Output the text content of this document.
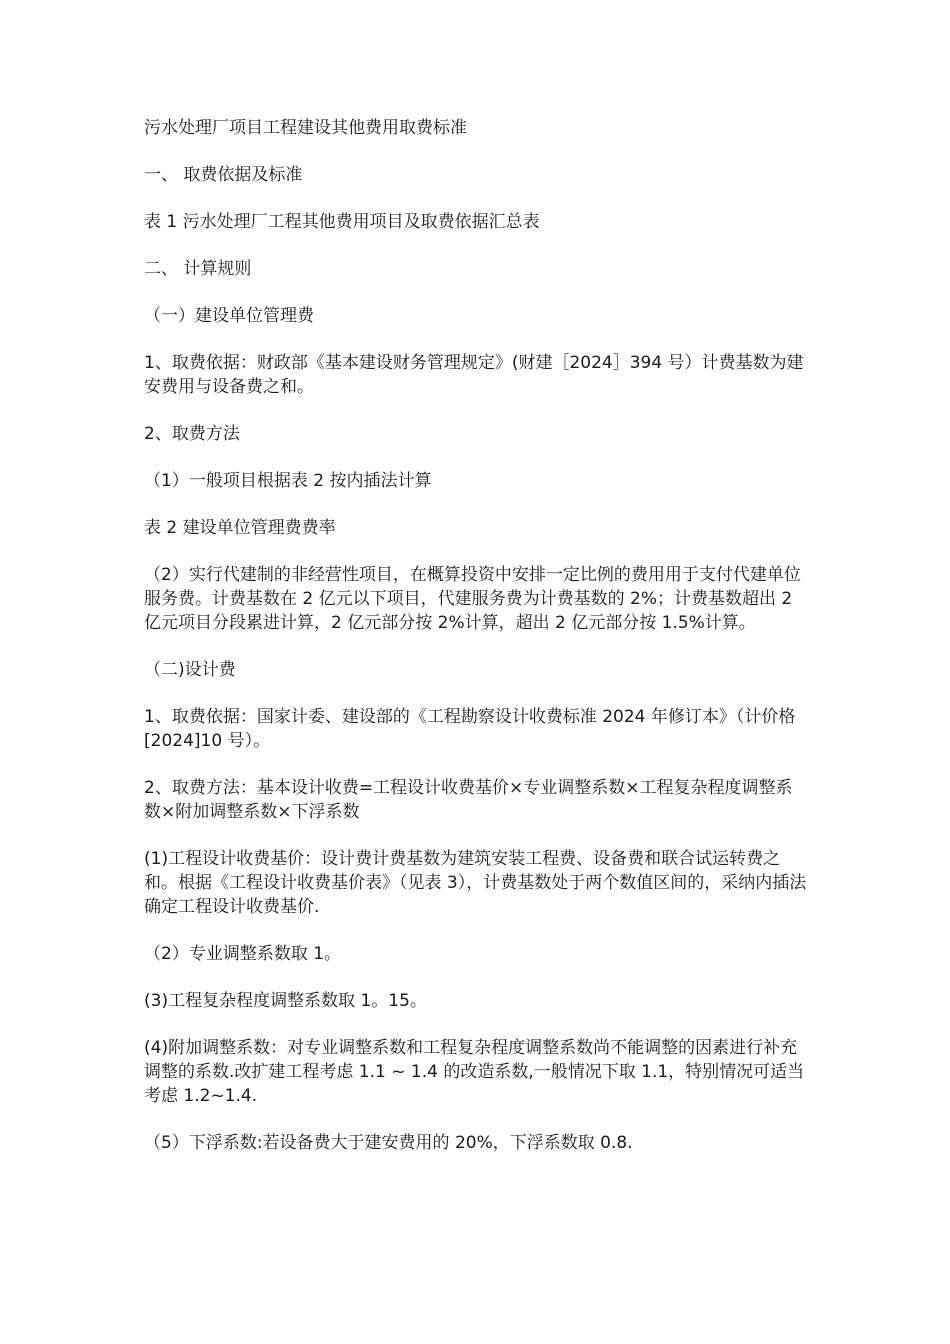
污水处理厂项目工程建设其他费用取费标准

一、 取费依据及标准

表 1 污水处理厂工程其他费用项目及取费依据汇总表

二、 计算规则

（一）建设单位管理费

1、取费依据：财政部《基本建设财务管理规定》(财建［2024］394 号）计费基数为建安费用与设备费之和。

2、取费方法

（1）一般项目根据表 2 按内插法计算

表 2 建设单位管理费费率

（2）实行代建制的非经营性项目，在概算投资中安排一定比例的费用用于支付代建单位服务费。计费基数在 2 亿元以下项目，代建服务费为计费基数的 2%；计费基数超出 2 亿元项目分段累进计算，2 亿元部分按 2%计算，超出 2 亿元部分按 1.5%计算。

（二)设计费

1、取费依据：国家计委、建设部的《工程勘察设计收费标准 2024 年修订本》（计价格[2024]10 号）。

2、取费方法：基本设计收费=工程设计收费基价×专业调整系数×工程复杂程度调整系数×附加调整系数×下浮系数

(1)工程设计收费基价：设计费计费基数为建筑安装工程费、设备费和联合试运转费之和。根据《工程设计收费基价表》（见表 3），计费基数处于两个数值区间的，采纳内插法确定工程设计收费基价.

（2）专业调整系数取 1。

(3)工程复杂程度调整系数取 1。15。

(4)附加调整系数：对专业调整系数和工程复杂程度调整系数尚不能调整的因素进行补充调整的系数.改扩建工程考虑 1.1 ~ 1.4 的改造系数,一般情况下取 1.1，特别情况可适当考虑 1.2~1.4.

（5）下浮系数:若设备费大于建安费用的 20%，下浮系数取 0.8.
